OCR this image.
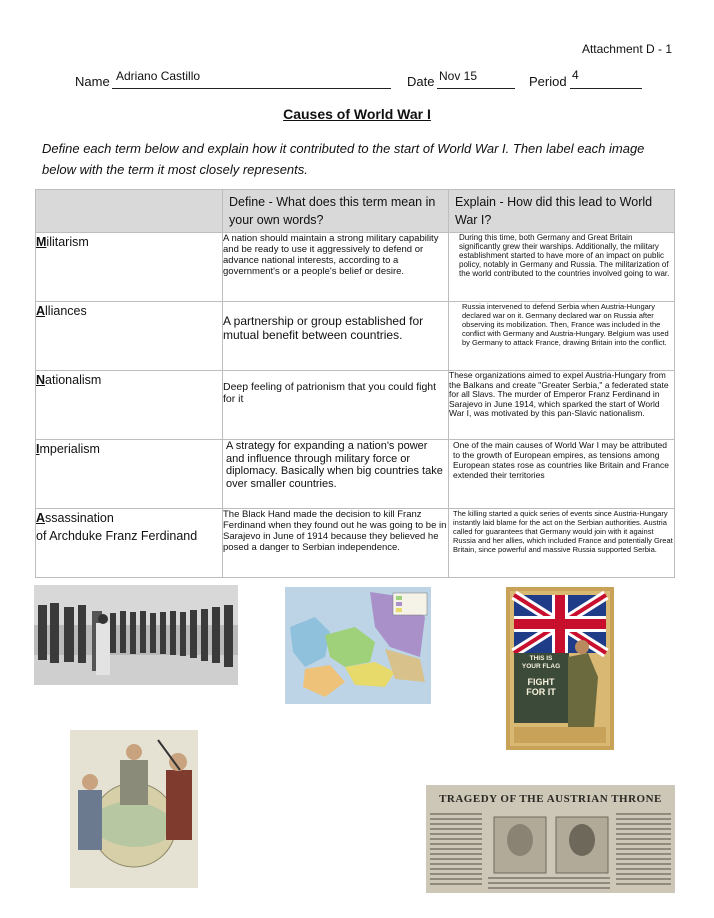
Attachment D - 1
Name Adriano Castillo	Date Nov 15	Period 4
Causes of World War I
Define each term below and explain how it contributed to the start of World War I. Then label each image below with the term it most closely represents.
	Define - What does this term mean in your own words?	Explain - How did this lead to World War I?
Militarism	A nation should maintain a strong military capability and be ready to use it aggressively to defend or advance national interests, according to a government's or a people's belief or desire.	During this time, both Germany and Great Britain significantly grew their warships. Additionally, the military establishment started to have more of an impact on public policy, notably in Germany and Russia. The militarization of the world contributed to the countries involved going to war.

Alliances	A partnership or group established for mutual benefit between countries.	Russia intervened to defend Serbia when Austria-Hungary declared war on it. Germany declared war on Russia after observing its mobilization. Then, France was included in the conflict with Germany and Austria-Hungary. Belgium was used by Germany to attack France, drawing Britain into the conflict.

Nationalism	Deep feeling of patrionism that you could fight for it	These organizations aimed to expel Austria-Hungary from the Balkans and create "Greater Serbia," a federated state for all Slavs. The murder of Emperor Franz Ferdinand in Sarajevo in June 1914, which sparked the start of World War I, was motivated by this pan-Slavic nationalism.

Imperialism	A strategy for expanding a nation's power and influence through military force or diplomacy. Basically when big countries take over smaller countries.	One of the main causes of World War I may be attributed to the growth of European empires, as tensions among European states rose as countries like Britain and France extended their territories

Assassination
of Archduke Franz Ferdinand	The Black Hand made the decision to kill Franz Ferdinand when they found out he was going to be in Sarajevo in June of 1914 because they believed he posed a danger to Serbian independence.	The killing started a quick series of events since Austria-Hungary instantly laid blame for the act on the Serbian authorities. Austria called for guarantees that Germany would join with it against Russia and her allies, which included France and potentially Great Britain, since powerful and massive Russia supported Serbia.
THIS IS
YOUR FLAG
FIGHT
FOR IT
TRAGEDY OF THE AUSTRIAN THRONE
